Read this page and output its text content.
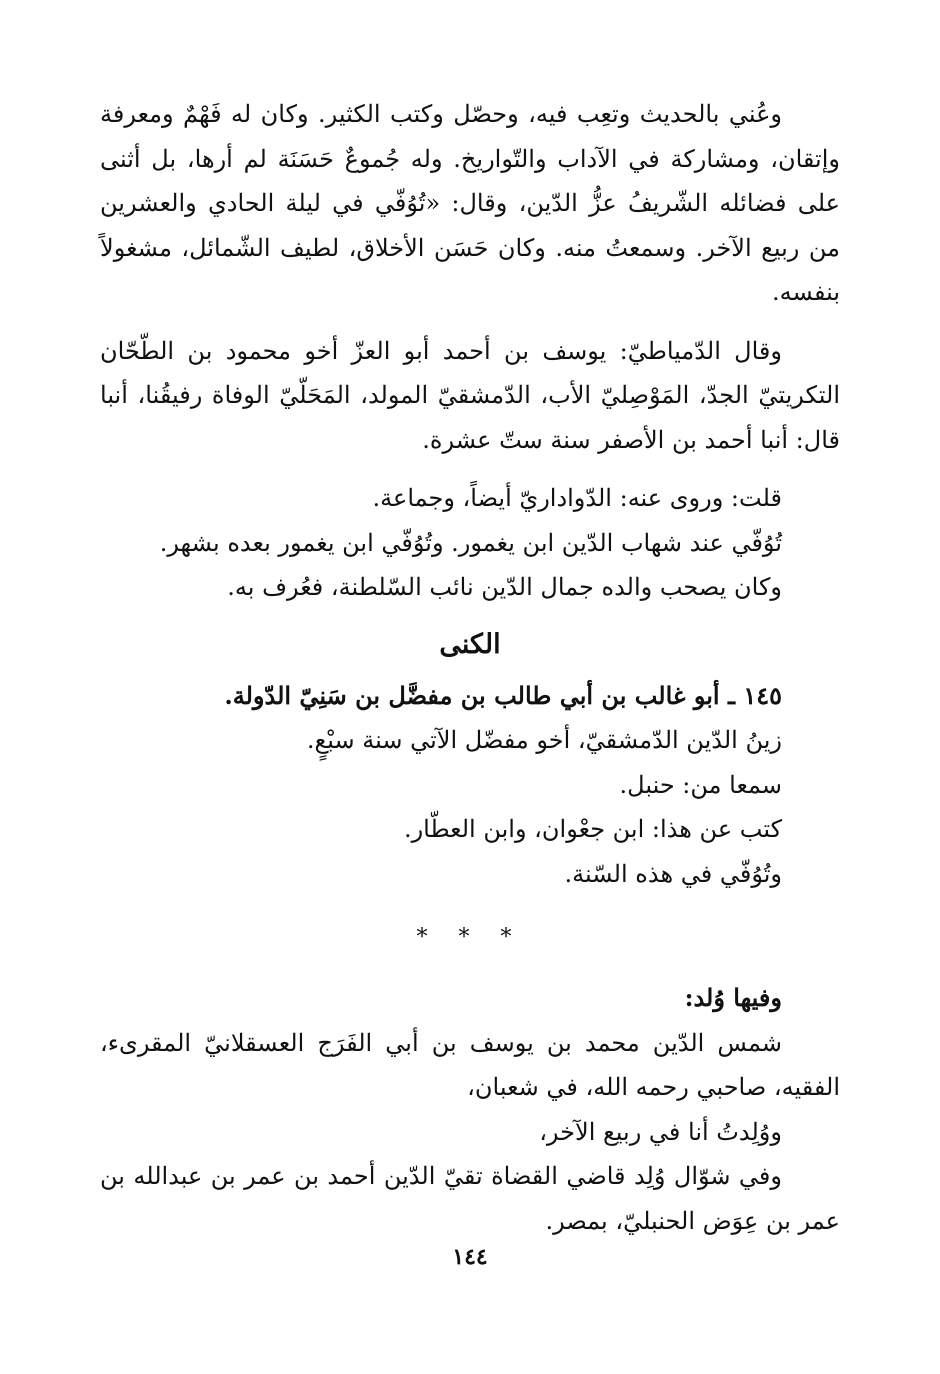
وعُني بالحديث وتعِب فيه، وحصّل وكتب الكثير. وكان له فَهْمٌ ومعرفة وإتقان، ومشاركة في الآداب والتّواريخ. وله جُموعٌ حَسَنَة لم أرها، بل أثنى على فضائله الشّريفُ عزُّ الدّين، وقال: «تُوُفّي في ليلة الحادي والعشرين من ربيع الآخر. وسمعتُ منه. وكان حَسَن الأخلاق، لطيف الشّمائل، مشغولاً بنفسه.

وقال الدّمياطيّ: يوسف بن أحمد أبو العزّ أخو محمود بن الطّحّان التكريتيّ الجدّ، المَوْصِليّ الأب، الدّمشقيّ المولد، المَحَلّيّ الوفاة رفيقُنا، أنبا قال: أنبا أحمد بن الأصفر سنة ستّ عشرة.

قلت: وروى عنه: الدّواداريّ أيضاً، وجماعة.

تُوُفّي عند شهاب الدّين ابن يغمور. وتُوُفّي ابن يغمور بعده بشهر.

وكان يصحب والده جمال الدّين نائب السّلطنة، فعُرف به.

الكنى

١٤٥ ـ أبو غالب بن أبي طالب بن مفضَّل بن سَنِيّ الدّولة.

زينُ الدّين الدّمشقيّ، أخو مفضّل الآتي سنة سبْعٍ.

سمعا من: حنبل.

كتب عن هذا: ابن جعْوان، وابن العطّار.

وتُوُفّي في هذه السّنة.

* * *

وفيها وُلد:

شمس الدّين محمد بن يوسف بن أبي الفَرَج العسقلانيّ المقرىء، الفقيه، صاحبي رحمه الله، في شعبان،

ووُلِدتُ أنا في ربيع الآخر،

وفي شوّال وُلِد قاضي القضاة تقيّ الدّين أحمد بن عمر بن عبدالله بن عمر بن عِوَض الحنبليّ، بمصر.

١٤٤
